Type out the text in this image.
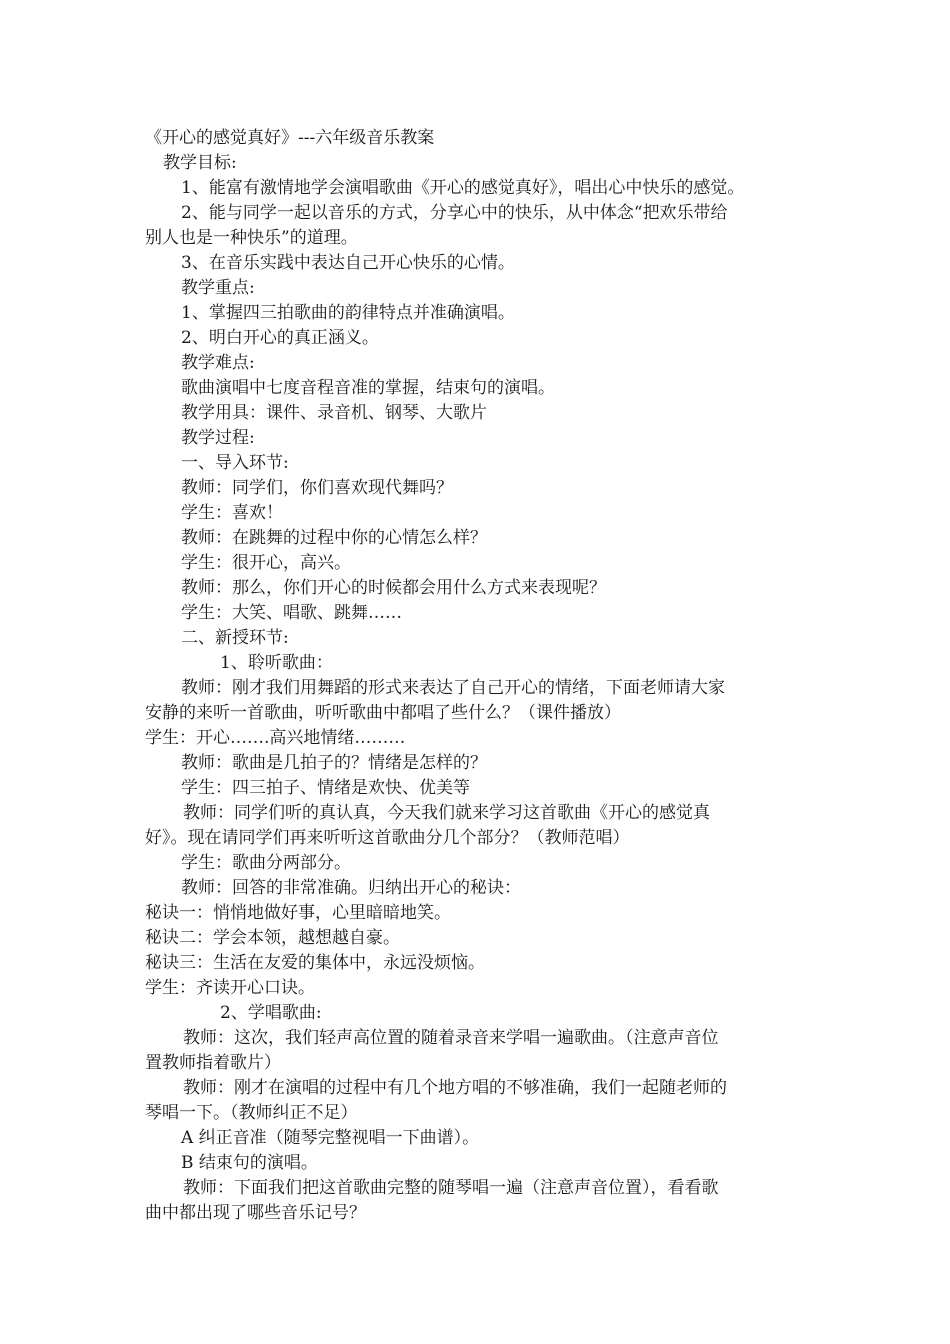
《开心的感觉真好》---六年级音乐教案
教学目标:
1、能富有激情地学会演唱歌曲《开心的感觉真好》，唱出心中快乐的感觉。
2、能与同学一起以音乐的方式，分享心中的快乐，从中体念“把欢乐带给
别人也是一种快乐”的道理。
3、在音乐实践中表达自己开心快乐的心情。
教学重点:
1、掌握四三拍歌曲的韵律特点并准确演唱。
2、明白开心的真正涵义。
教学难点:
歌曲演唱中七度音程音准的掌握，结束句的演唱。
教学用具：课件、录音机、钢琴、大歌片
教学过程:
一、导入环节:
教师：同学们，你们喜欢现代舞吗？
学生：喜欢！
教师：在跳舞的过程中你的心情怎么样？
学生：很开心，高兴。
教师：那么，你们开心的时候都会用什么方式来表现呢？
学生：大笑、唱歌、跳舞……
二、新授环节:
1、聆听歌曲：
教师：刚才我们用舞蹈的形式来表达了自己开心的情绪，下面老师请大家
安静的来听一首歌曲，听听歌曲中都唱了些什么？（课件播放）
学生：开心…….高兴地情绪………
教师：歌曲是几拍子的？情绪是怎样的？
学生：四三拍子、情绪是欢快、优美等
教师：同学们听的真认真，今天我们就来学习这首歌曲《开心的感觉真
好》。现在请同学们再来听听这首歌曲分几个部分？（教师范唱）
学生：歌曲分两部分。
教师：回答的非常准确。归纳出开心的秘诀：
秘诀一：悄悄地做好事，心里暗暗地笑。
秘诀二：学会本领，越想越自豪。
秘诀三：生活在友爱的集体中，永远没烦恼。
学生：齐读开心口诀。
2、学唱歌曲:
教师：这次，我们轻声高位置的随着录音来学唱一遍歌曲。（注意声音位
置教师指着歌片）
教师：刚才在演唱的过程中有几个地方唱的不够准确，我们一起随老师的
琴唱一下。（教师纠正不足）
A 纠正音准（随琴完整视唱一下曲谱）。
B 结束句的演唱。
教师：下面我们把这首歌曲完整的随琴唱一遍（注意声音位置），看看歌
曲中都出现了哪些音乐记号？
